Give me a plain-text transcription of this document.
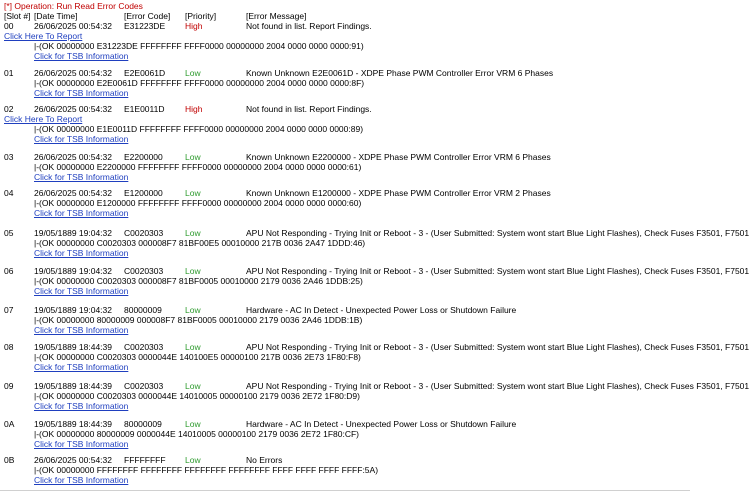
[*] Operation: Run Read Error Codes
[Slot #] [Date Time]	[Error Code] [Priority]	[Error Message]
00 26/06/2025 00:54:32 E31223DE High	Not found in list. Report Findings.
Click Here To Report
|-(OK 00000000 E31223DE FFFFFFFF FFFF0000 00000000 2004 0000 0000 0000:91)
Click for TSB Information
01 26/06/2025 00:54:32 E2E0061D Low	Known Unknown E2E0061D - XDPE Phase PWM Controller Error VRM 6 Phases
|-(OK 00000000 E2E0061D FFFFFFFF FFFF0000 00000000 2004 0000 0000 0000:8F)
Click for TSB Information
02 26/06/2025 00:54:32 E1E0011D High	Not found in list. Report Findings.
Click Here To Report
|-(OK 00000000 E1E0011D FFFFFFFF FFFF0000 00000000 2004 0000 0000 0000:89)
Click for TSB Information
03 26/06/2025 00:54:32 E2200000	Low	Known Unknown E2200000 - XDPE Phase PWM Controller Error VRM 6 Phases
|-(OK 00000000 E2200000 FFFFFFFF FFFF0000 00000000 2004 0000 0000 0000:61)
Click for TSB Information
04 26/06/2025 00:54:32 E1200000	Low	Known Unknown E1200000 - XDPE Phase PWM Controller Error VRM 2 Phases
|-(OK 00000000 E1200000 FFFFFFFF FFFF0000 00000000 2004 0000 0000 0000:60)
Click for TSB Information
05 19/05/1889 19:04:32 C0020303	Low	APU Not Responding - Trying Init or Reboot - 3 - (User Submitted: System wont start Blue Light Flashes), Check Fuses F3501, F7501
|-(OK 00000000 C0020303 000008F7 81BF00E5 00010000 217B 0036 2A47 1DDD:46)
Click for TSB Information
06 19/05/1889 19:04:32 C0020303	Low	APU Not Responding - Trying Init or Reboot - 3 - (User Submitted: System wont start Blue Light Flashes), Check Fuses F3501, F7501
|-(OK 00000000 C0020303 000008F7 81BF0005 00010000 2179 0036 2A46 1DDB:25)
Click for TSB Information
07 19/05/1889 19:04:32 80000009	Low	Hardware - AC In Detect - Unexpected Power Loss or Shutdown Failure
|-(OK 00000000 80000009 000008F7 81BF0005 00010000 2179 0036 2A46 1DDB:1B)
Click for TSB Information
08 19/05/1889 18:44:39 C0020303	Low	APU Not Responding - Trying Init or Reboot - 3 - (User Submitted: System wont start Blue Light Flashes), Check Fuses F3501, F7501
|-(OK 00000000 C0020303 0000044E 140100E5 00000100 217B 0036 2E73 1F80:F8)
Click for TSB Information
09 19/05/1889 18:44:39 C0020303	Low	APU Not Responding - Trying Init or Reboot - 3 - (User Submitted: System wont start Blue Light Flashes), Check Fuses F3501, F7501
|-(OK 00000000 C0020303 0000044E 14010005 00000100 2179 0036 2E72 1F80:D9)
Click for TSB Information
0A 19/05/1889 18:44:39 80000009	Low	Hardware - AC In Detect - Unexpected Power Loss or Shutdown Failure
|-(OK 00000000 80000009 0000044E 14010005 00000100 2179 0036 2E72 1F80:CF)
Click for TSB Information
0B 26/06/2025 00:54:32 FFFFFFFF Low	No Errors
|-(OK 00000000 FFFFFFFF FFFFFFFF FFFFFFFF FFFFFFFF FFFF FFFF FFFF FFFF:5A)
Click for TSB Information
